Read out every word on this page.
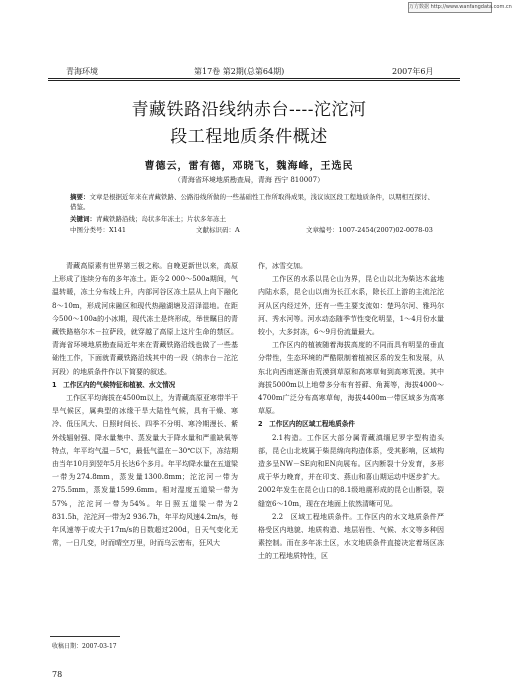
万方数据 http://www.wanfangdata.com.cn
青海环境	第17卷 第2期(总第64期)	2007年6月
青藏铁路沿线纳赤台----沱沱河
段工程地质条件概述
曹德云，雷有德，邓晓飞，魏海峰，王选民
（青海省环境地质勘查局，青海 西宁 810007）
摘要：文章是根据近年来在青藏铁路、公路沿线所做的一些基础性工作所取得成果，浅议该区段工程地质条件，以期相互探讨、借鉴。
关键词：青藏铁路沿线；岛状多年冻土；片状多年冻土
中图分类号：X141	文献标识码：A	文章编号：1007-2454(2007)02-0078-03

青藏高原素有世界第三极之称。自晚更新世以来，高原上形成了连续分布的多年冻土。距今2 000～500a期间，气温转暖，冻土分布线上升，内部河谷区冻土层从上向下融化8～10m，形成河床融区和现代热融湖塘及沼泽湿地。在距今500～100a的小冰期，现代冻土是终形成，举世瞩目的青藏铁路格尔木－拉萨段，就穿越了高原上这片生命的禁区。青海省环境地质勘查局近年来在青藏铁路沿线也做了一些基础性工作，下面就青藏铁路沿线其中的一段（纳赤台－沱沱河段）的地质条件作以下简要的叙述。

1　工作区内的气候特征和植被、水文情况

工作区平均海拔在4500m以上，为青藏高原亚寒带半干旱气候区，属典型的冰缘干旱大陆性气候，具有干燥、寒冷、低压风大、日照时间长、四季不分明、寒冷期漫长、紫外线辐射强、降水量集中、蒸发量大于降水量和严重缺氧等特点，年平均气温－5℃，最低气温在－30℃以下，冻结期由当年10月到翌年5月长达6个多月。年平均降水量在五道梁一带为274.8mm，蒸发量1300.8mm；沱沱河一带为275.5mm，蒸发量1599.6mm。相对湿度五道梁一带为57%，沱沱河一带为54%。年日照五道梁一带为2 831.5h，沱沱河一带为2 936.7h，年平均风速4.2m/s，每年风速等于或大于17m/s的日数超过200d，日天气变化无常，一日几变，时而晴空万里，时而乌云密布，狂风大

作，冰雪交加。

工作区的水系以昆仑山为界，昆仑山以北为柴达木盆地内陆水系，昆仑山以南为长江水系，除长江上游的主流沱沱河从区内经过外，还有一些主要支流如：楚玛尔河、雅玛尔河、秀水河等。河水动态随季节性变化明显，1～4月份水量较小，大多封冻，6～9月份流量最大。

工作区内的植被随着海拔高度的不同而具有明显的垂直分带性，生态环境的严酷限制着植被区系的发生和发展，从东北向西南逐渐由荒漠到草原和高寒草甸到高寒荒漠。其中海拔5000m以上地带多分布有苔藓、角蒿等，海拔4000～4700m广泛分布高寒草甸，海拔4400m一带区域多为高寒草原。

2　工作区内的区域工程地质条件

2.1构造。工作区大部分属青藏滇缅尼罗字型构造头部，昆仑山北坡属于柴昆绵向构造体系，受其影响，区域构造多呈NW－SE向和EN向展布。区内断裂十分发育，多形成于华力晚育，并在印支、燕山和喜山期运动中逐步扩大。2002年发生在昆仑山口的8.1级地震形成的昆仑山断裂，裂缝宽6～10m，现在在地面上依然清晰可见。

2.2　区域工程地质条件。工作区内的水文地质条件严格受区内地貌、地质构造、地层岩性、气候、水文等多种因素控制。而在多年冻土区，水文地质条件直接决定着场区冻土的工程地质特性，区

收稿日期：2007-03-17
78
